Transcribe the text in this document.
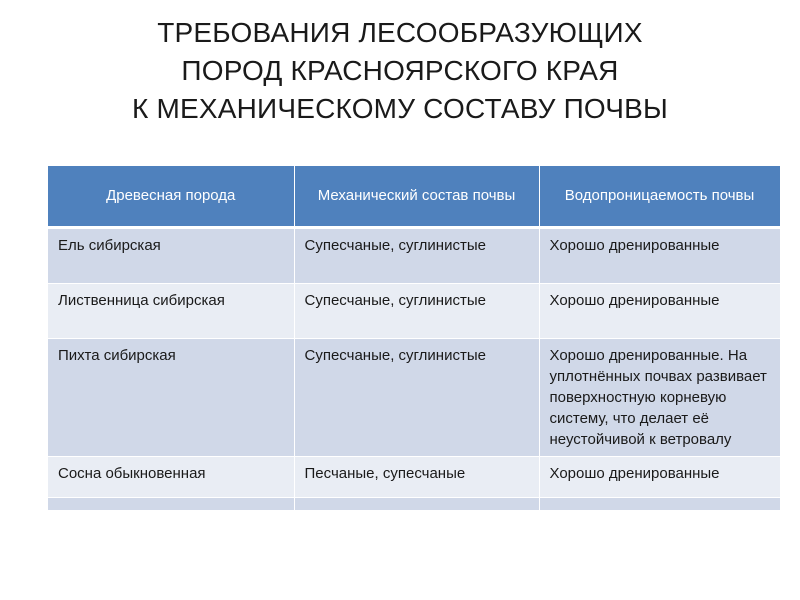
ТРЕБОВАНИЯ ЛЕСООБРАЗУЮЩИХ
ПОРОД КРАСНОЯРСКОГО КРАЯ
К МЕХАНИЧЕСКОМУ СОСТАВУ ПОЧВЫ
Древесная порода	Механический состав почвы	Водопроницаемость почвы
Ель сибирская	Супесчаные, суглинистые	Хорошо дренированные
Лиственница сибирская	Супесчаные, суглинистые	Хорошо дренированные
Пихта сибирская	Супесчаные, суглинистые	Хорошо дренированные. На уплотнённых почвах развивает поверхностную корневую систему, что делает её неустойчивой к ветровалу
Сосна обыкновенная	Песчаные, супесчаные	Хорошо дренированные
